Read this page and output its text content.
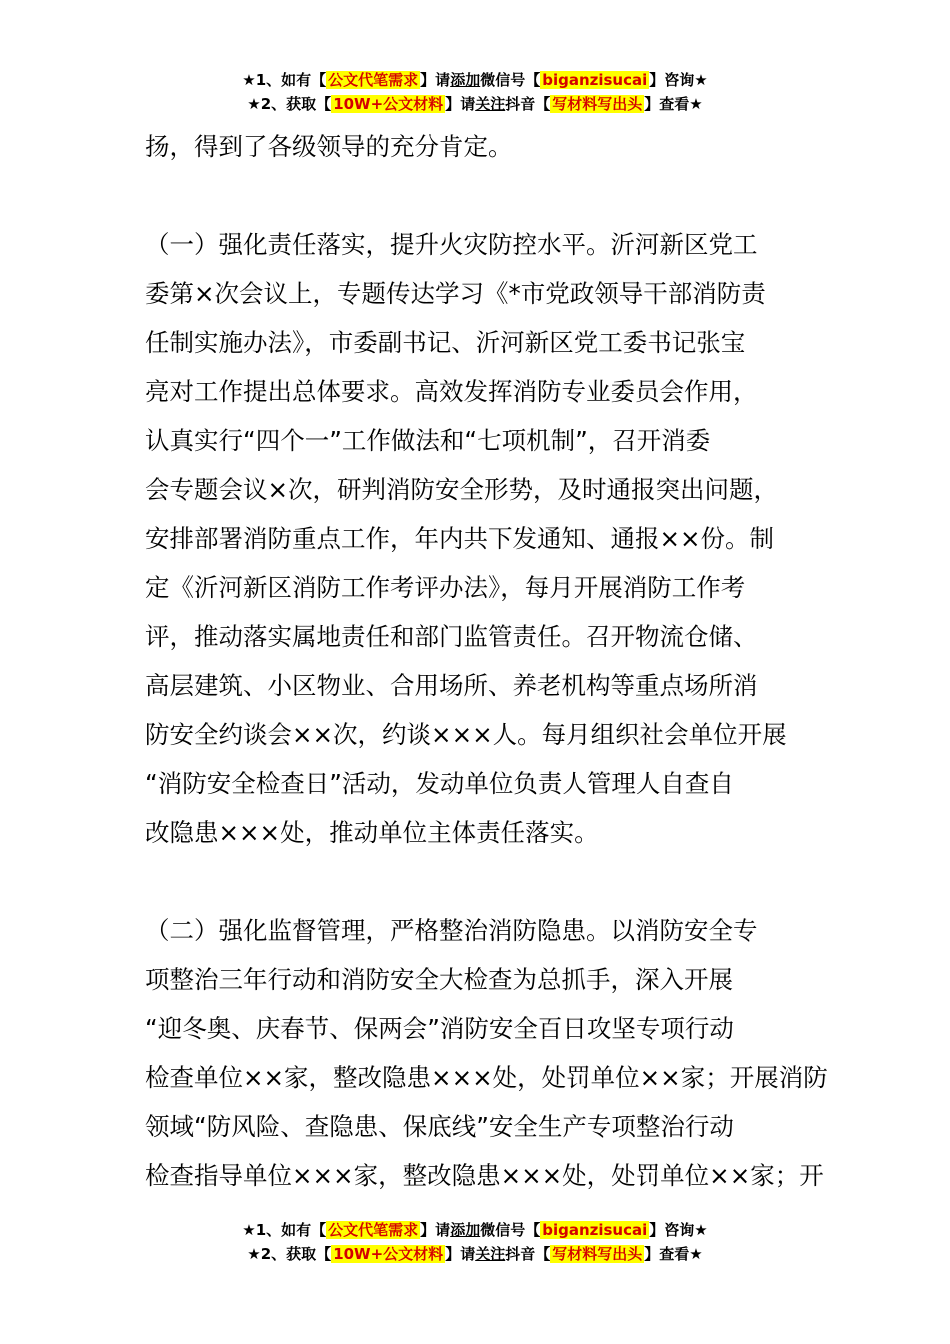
★1、如有【 公文代笔需求 】请添加微信号【 biganzisucai 】咨询★
★2、获取【 10W+公文材料 】请关注抖音【 写材料写出头 】查看★
扬，得到了各级领导的充分肯定。
（一）强化责任落实，提升火灾防控水平。沂河新区党工
委第×次会议上，专题传达学习《*市党政领导干部消防责
任制实施办法》，市委副书记、沂河新区党工委书记张宝
亮对工作提出总体要求。高效发挥消防专业委员会作用，
认真实行“四个一”工作做法和“七项机制”，召开消委
会专题会议×次，研判消防安全形势，及时通报突出问题，
安排部署消防重点工作，年内共下发通知、通报××份。制
定《沂河新区消防工作考评办法》，每月开展消防工作考
评，推动落实属地责任和部门监管责任。召开物流仓储、
高层建筑、小区物业、合用场所、养老机构等重点场所消
防安全约谈会××次，约谈×××人。每月组织社会单位开展
“消防安全检查日”活动，发动单位负责人管理人自查自
改隐患×××处，推动单位主体责任落实。
（二）强化监督管理，严格整治消防隐患。以消防安全专
项整治三年行动和消防安全大检查为总抓手，深入开展
“迎冬奥、庆春节、保两会”消防安全百日攻坚专项行动
检查单位××家，整改隐患×××处，处罚单位××家；开展消防
领域“防风险、查隐患、保底线”安全生产专项整治行动
检查指导单位×××家，整改隐患×××处，处罚单位××家；开
★1、如有【 公文代笔需求 】请添加微信号【 biganzisucai 】咨询★
★2、获取【 10W+公文材料 】请关注抖音【 写材料写出头 】查看★
